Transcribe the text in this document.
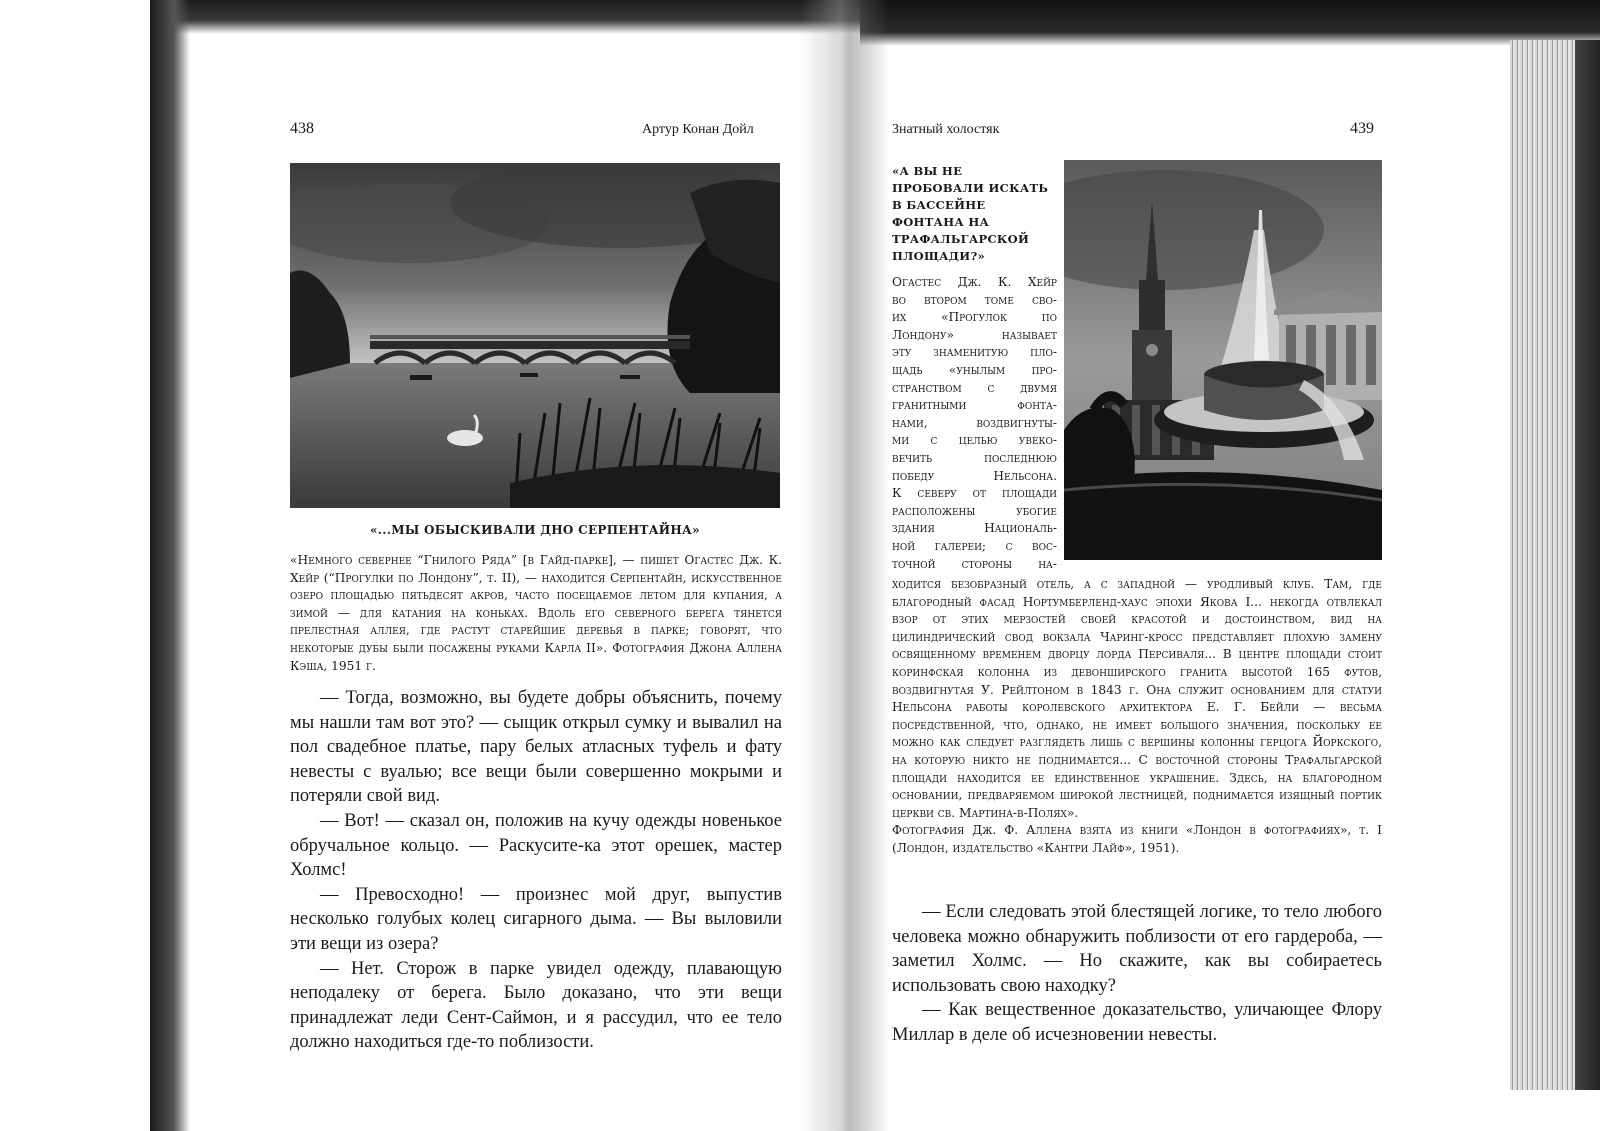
438	Артур Конан Дойл
«...МЫ ОБЫСКИВАЛИ ДНО СЕРПЕНТАЙНА»

«Немного севернее “Гнилого Ряда” [в Гайд-парке], — пишет Огастес Дж. К. Хейр (“Прогулки по Лондону”, т. II), — находится Серпентайн, искусственное озеро площадью пятьдесят акров, часто посещаемое летом для купания, а зимой — для катания на коньках. Вдоль его северного берега тянется прелестная аллея, где растут старейшие деревья в парке; говорят, что некоторые дубы были посажены руками Карла II». Фотография Джона Аллена Кэша, 1951 г.

— Тогда, возможно, вы будете добры объяснить, почему мы нашли там вот это? — сыщик открыл сумку и вывалил на пол свадебное платье, пару белых атласных туфель и фату невесты с вуалью; все вещи были совершенно мокрыми и потеряли свой вид.

— Вот! — сказал он, положив на кучу одежды новенькое обручальное кольцо. — Раскусите-ка этот орешек, мастер Холмс!

— Превосходно! — произнес мой друг, выпустив несколько голубых колец сигарного дыма. — Вы выловили эти вещи из озера?

— Нет. Сторож в парке увидел одежду, плавающую неподалеку от берега. Было доказано, что эти вещи принадлежат леди Сент-Саймон, и я рассудил, что ее тело должно находиться где-то поблизости.

Знатный холостяк	439
«А ВЫ НЕ
ПРОБОВАЛИ ИСКАТЬ
В БАССЕЙНЕ
ФОНТАНА НА
ТРАФАЛЬГАРСКОЙ
ПЛОЩАДИ?»
Огастес Дж. К. Хейр
во втором томе сво-
их «Прогулок по
Лондону» называет
эту знаменитую пло-
щадь «унылым про-
странством с двумя
гранитными фонта-
нами, воздвигнуты-
ми с целью увеко-
вечить последнюю
победу Нельсона.
К северу от площади
расположены убогие
здания Националь-
ной галереи; с вос-
точной стороны на-

ходится безобразный отель, а с западной — уродливый клуб. Там, где благородный фасад Нортумберленд-хаус эпохи Якова I... некогда отвлекал взор от этих мерзостей своей красотой и достоинством, вид на цилиндрический свод вокзала Чаринг-кросс представляет плохую замену освященному временем дворцу лорда Персиваля... В центре площади стоит коринфская колонна из девонширского гранита высотой 165 футов, воздвигнутая У. Рейлтоном в 1843 г. Она служит основанием для статуи Нельсона работы королевского архитектора Е. Г. Бейли — весьма посредственной, что, однако, не имеет большого значения, поскольку ее можно как следует разглядеть лишь с вершины колонны герцога Йоркского, на которую никто не поднимается... С восточной стороны Трафальгарской площади находится ее единственное украшение. Здесь, на благородном основании, предваряемом широкой лестницей, поднимается изящный портик церкви св. Мартина-в-Полях».

Фотография Дж. Ф. Аллена взята из книги «Лондон в фотографиях», т. I (Лондон, издательство «Кантри Лайф», 1951).

— Если следовать этой блестящей логике, то тело любого человека можно обнаружить поблизости от его гардероба, — заметил Холмс. — Но скажите, как вы собираетесь использовать свою находку?

— Как вещественное доказательство, уличающее Флору Миллар в деле об исчезновении невесты.
